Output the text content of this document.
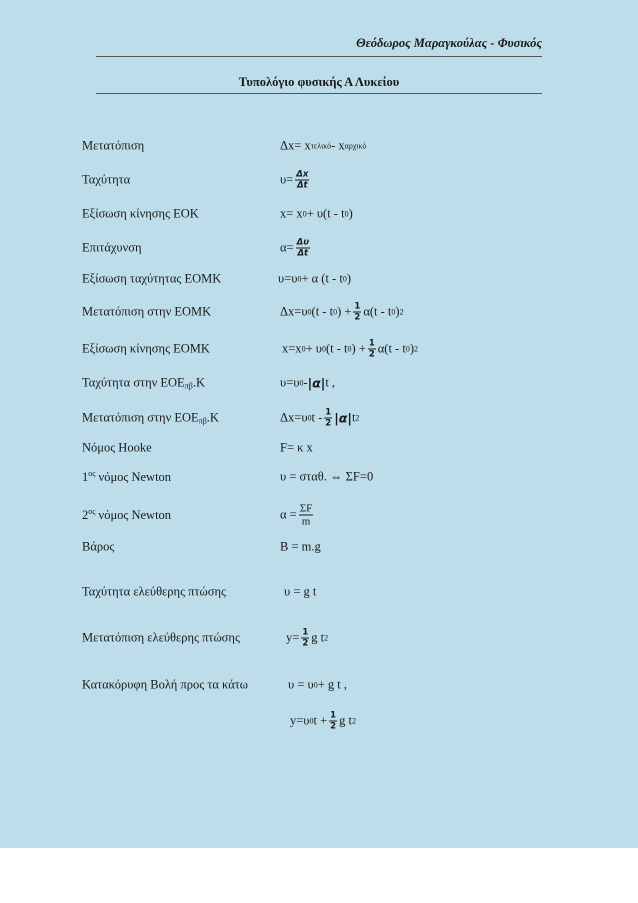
Θεόδωρος Μαραγκούλας - Φυσικός
Τυπολόγιο φυσικής Α Λυκείου
Μετατόπιση	Δx= x τελικό - x αρχικό
Ταχύτητα	$\upsilon= \frac{\Delta x}{\Delta t}$
Εξίσωση κίνησης ΕΟΚ	x= x 0 + υ(t - t 0 )
Επιτάχυνση	$\alpha= \frac{\Delta\upsilon}{\Delta t}$
Εξίσωση ταχύτητας ΕΟΜΚ	υ=υ 0 + α (t - t 0 )
Μετατόπιση στην ΕΟΜΚ	Δx=υ 0 (t - t 0 ) + $\frac{1}{2} \alpha(t$ - t 0 ) 2
Εξίσωση κίνησης ΕΟΜΚ	x=x 0 + υ 0 (t - t 0 ) + $\frac{1}{2} \alpha(t$ - t 0 ) 2
Ταχύτητα στην $EOE_{\pi\beta}.K$	υ=υ 0 - |α| t ,
Μετατόπιση στην $EOE_{\pi\beta}.K$	Δx=υ 0 t - $\frac{1}{2} |\alpha|$ t 2
Νόμος Hooke	F= κ x
$1^{o\varsigma}$ νόμος Newton	υ = σταθ. ⇔ ΣF=0
$2^{o\varsigma}$ νόμος Newton	$\alpha = \frac{\Sigma F}{m}$
Βάρος	Β = m.g
Ταχύτητα ελεύθερης πτώσης	υ = g t
Μετατόπιση ελεύθερης πτώσης	$y= \frac{1}{2}$ g t 2
Κατακόρυφη Βολή προς τα κάτω	υ = υ 0 + g t ,
y=υ 0 $t + \frac{1}{2}$ g t 2
